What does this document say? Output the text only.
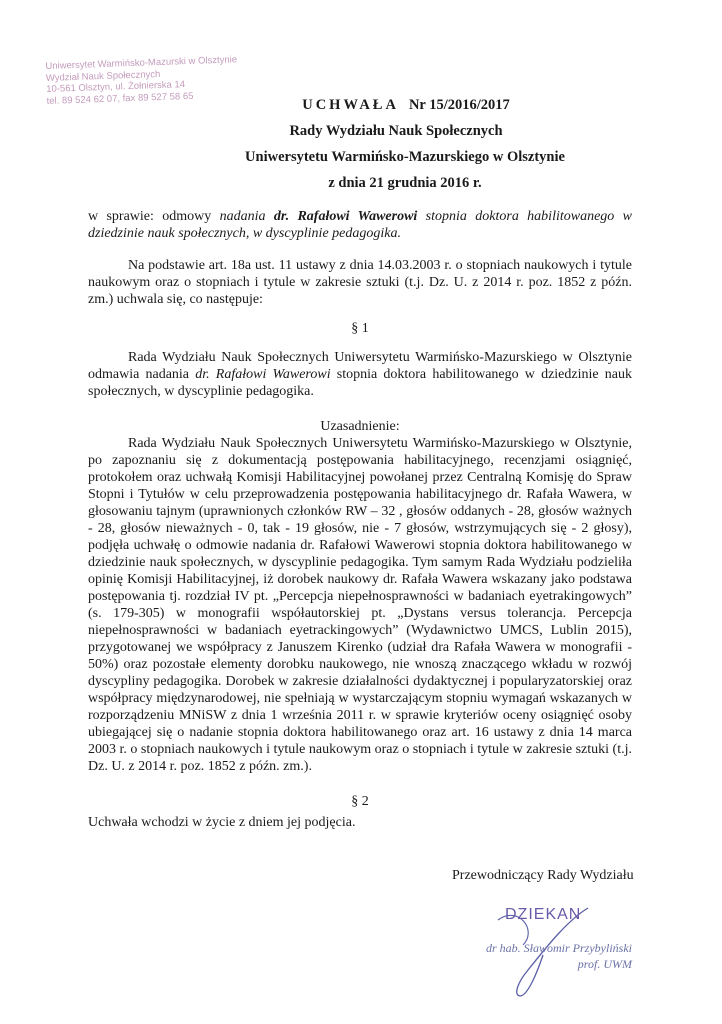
Uniwersytet Warmińsko-Mazurski w Olsztynie
Wydział Nauk Społecznych
10-561 Olsztyn, ul. Żołnierska 14
tel. 89 524 62 07, fax 89 527 58 65	UCHWAŁA Nr 15/2016/2017
Rady Wydziału Nauk Społecznych
Uniwersytetu Warmińsko-Mazurskiego w Olsztynie
z dnia 21 grudnia 2016 r.

w sprawie: odmowy nadania dr. Rafałowi Wawerowi stopnia doktora habilitowanego w dziedzinie nauk społecznych, w dyscyplinie pedagogika.

Na podstawie art. 18a ust. 11 ustawy z dnia 14.03.2003 r. o stopniach naukowych i tytule naukowym oraz o stopniach i tytule w zakresie sztuki (t.j. Dz. U. z 2014 r. poz. 1852 z późn. zm.) uchwala się, co następuje:

§ 1

Rada Wydziału Nauk Społecznych Uniwersytetu Warmińsko-Mazurskiego w Olsztynie odmawia nadania dr. Rafałowi Wawerowi stopnia doktora habilitowanego w dziedzinie nauk społecznych, w dyscyplinie pedagogika.

Uzasadnienie:

Rada Wydziału Nauk Społecznych Uniwersytetu Warmińsko-Mazurskiego w Olsztynie, po zapoznaniu się z dokumentacją postępowania habilitacyjnego, recenzjami osiągnięć, protokołem oraz uchwałą Komisji Habilitacyjnej powołanej przez Centralną Komisję do Spraw Stopni i Tytułów w celu przeprowadzenia postępowania habilitacyjnego dr. Rafała Wawera, w głosowaniu tajnym (uprawnionych członków RW – 32 , głosów oddanych - 28, głosów ważnych - 28, głosów nieważnych - 0, tak - 19 głosów, nie - 7 głosów, wstrzymujących się - 2 głosy), podjęła uchwałę o odmowie nadania dr. Rafałowi Wawerowi stopnia doktora habilitowanego w dziedzinie nauk społecznych, w dyscyplinie pedagogika. Tym samym Rada Wydziału podzieliła opinię Komisji Habilitacyjnej, iż dorobek naukowy dr. Rafała Wawera wskazany jako podstawa postępowania tj. rozdział IV pt. „Percepcja niepełnosprawności w badaniach eyetrakingowych” (s. 179-305) w monografii współautorskiej pt. „Dystans versus tolerancja. Percepcja niepełnosprawności w badaniach eyetrackingowych” (Wydawnictwo UMCS, Lublin 2015), przygotowanej we współpracy z Januszem Kirenko (udział dra Rafała Wawera w monografii - 50%) oraz pozostałe elementy dorobku naukowego, nie wnoszą znaczącego wkładu w rozwój dyscypliny pedagogika. Dorobek w zakresie działalności dydaktycznej i popularyzatorskiej oraz współpracy międzynarodowej, nie spełniają w wystarczającym stopniu wymagań wskazanych w rozporządzeniu MNiSW z dnia 1 września 2011 r. w sprawie kryteriów oceny osiągnięć osoby ubiegającej się o nadanie stopnia doktora habilitowanego oraz art. 16 ustawy z dnia 14 marca 2003 r. o stopniach naukowych i tytule naukowym oraz o stopniach i tytule w zakresie sztuki (t.j. Dz. U. z 2014 r. poz. 1852 z późn. zm.).

§ 2

Uchwała wchodzi w życie z dniem jej podjęcia.

Przewodniczący Rady Wydziału
DZIEKAN
dr hab. Sławomir Przybyliński
prof. UWM
